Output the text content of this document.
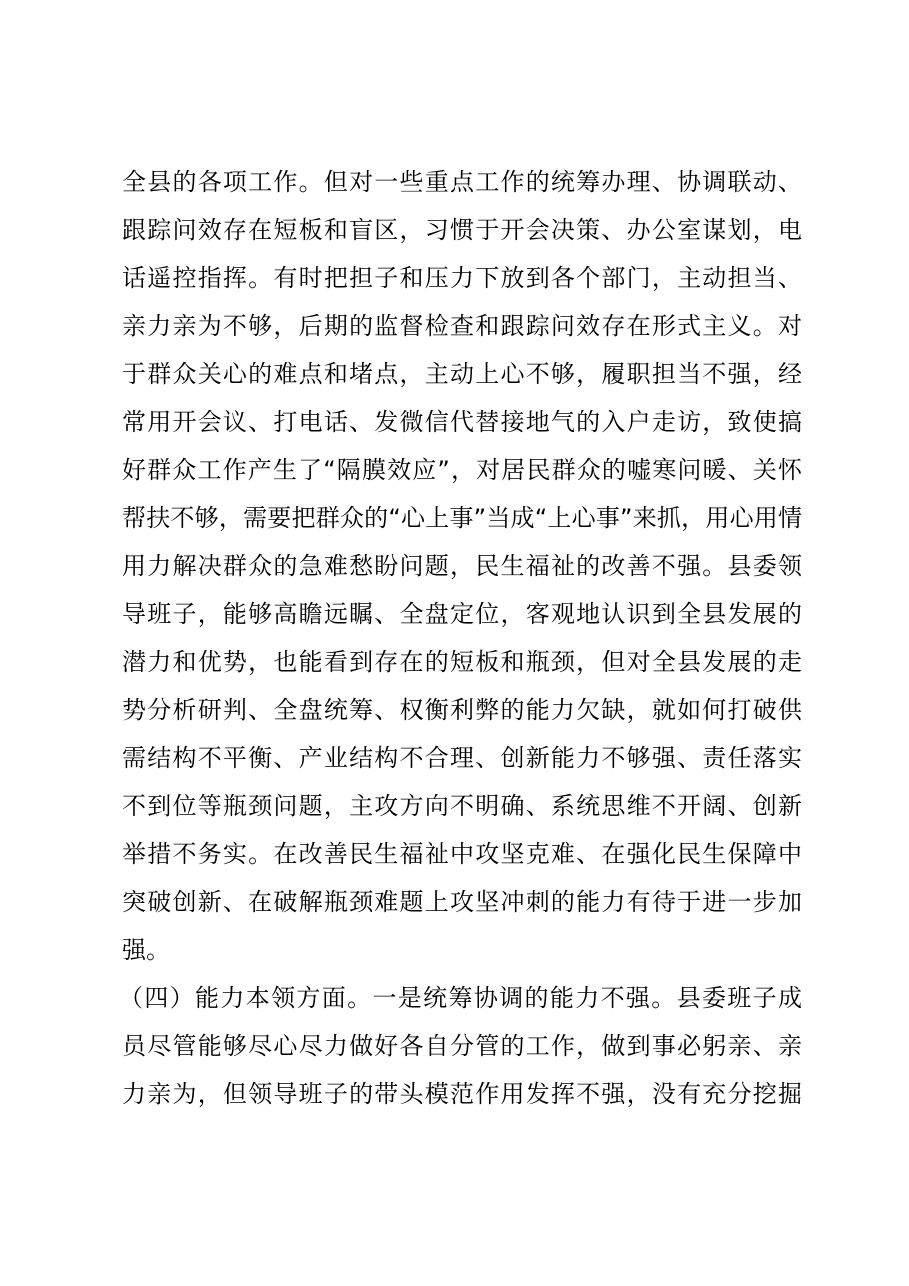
全县的各项工作。但对一些重点工作的统筹办理、协调联动、
跟踪问效存在短板和盲区，习惯于开会决策、办公室谋划，电
话遥控指挥。有时把担子和压力下放到各个部门，主动担当、
亲力亲为不够，后期的监督检查和跟踪问效存在形式主义。对
于群众关心的难点和堵点，主动上心不够，履职担当不强，经
常用开会议、打电话、发微信代替接地气的入户走访，致使搞
好群众工作产生了“隔膜效应”，对居民群众的嘘寒问暖、关怀
帮扶不够，需要把群众的“心上事”当成“上心事”来抓，用心用情
用力解决群众的急难愁盼问题，民生福祉的改善不强。县委领
导班子，能够高瞻远瞩、全盘定位，客观地认识到全县发展的
潜力和优势，也能看到存在的短板和瓶颈，但对全县发展的走
势分析研判、全盘统筹、权衡利弊的能力欠缺，就如何打破供
需结构不平衡、产业结构不合理、创新能力不够强、责任落实
不到位等瓶颈问题，主攻方向不明确、系统思维不开阔、创新
举措不务实。在改善民生福祉中攻坚克难、在强化民生保障中
突破创新、在破解瓶颈难题上攻坚冲刺的能力有待于进一步加
强。
（四）能力本领方面。一是统筹协调的能力不强。县委班子成
员尽管能够尽心尽力做好各自分管的工作，做到事必躬亲、亲
力亲为，但领导班子的带头模范作用发挥不强，没有充分挖掘
